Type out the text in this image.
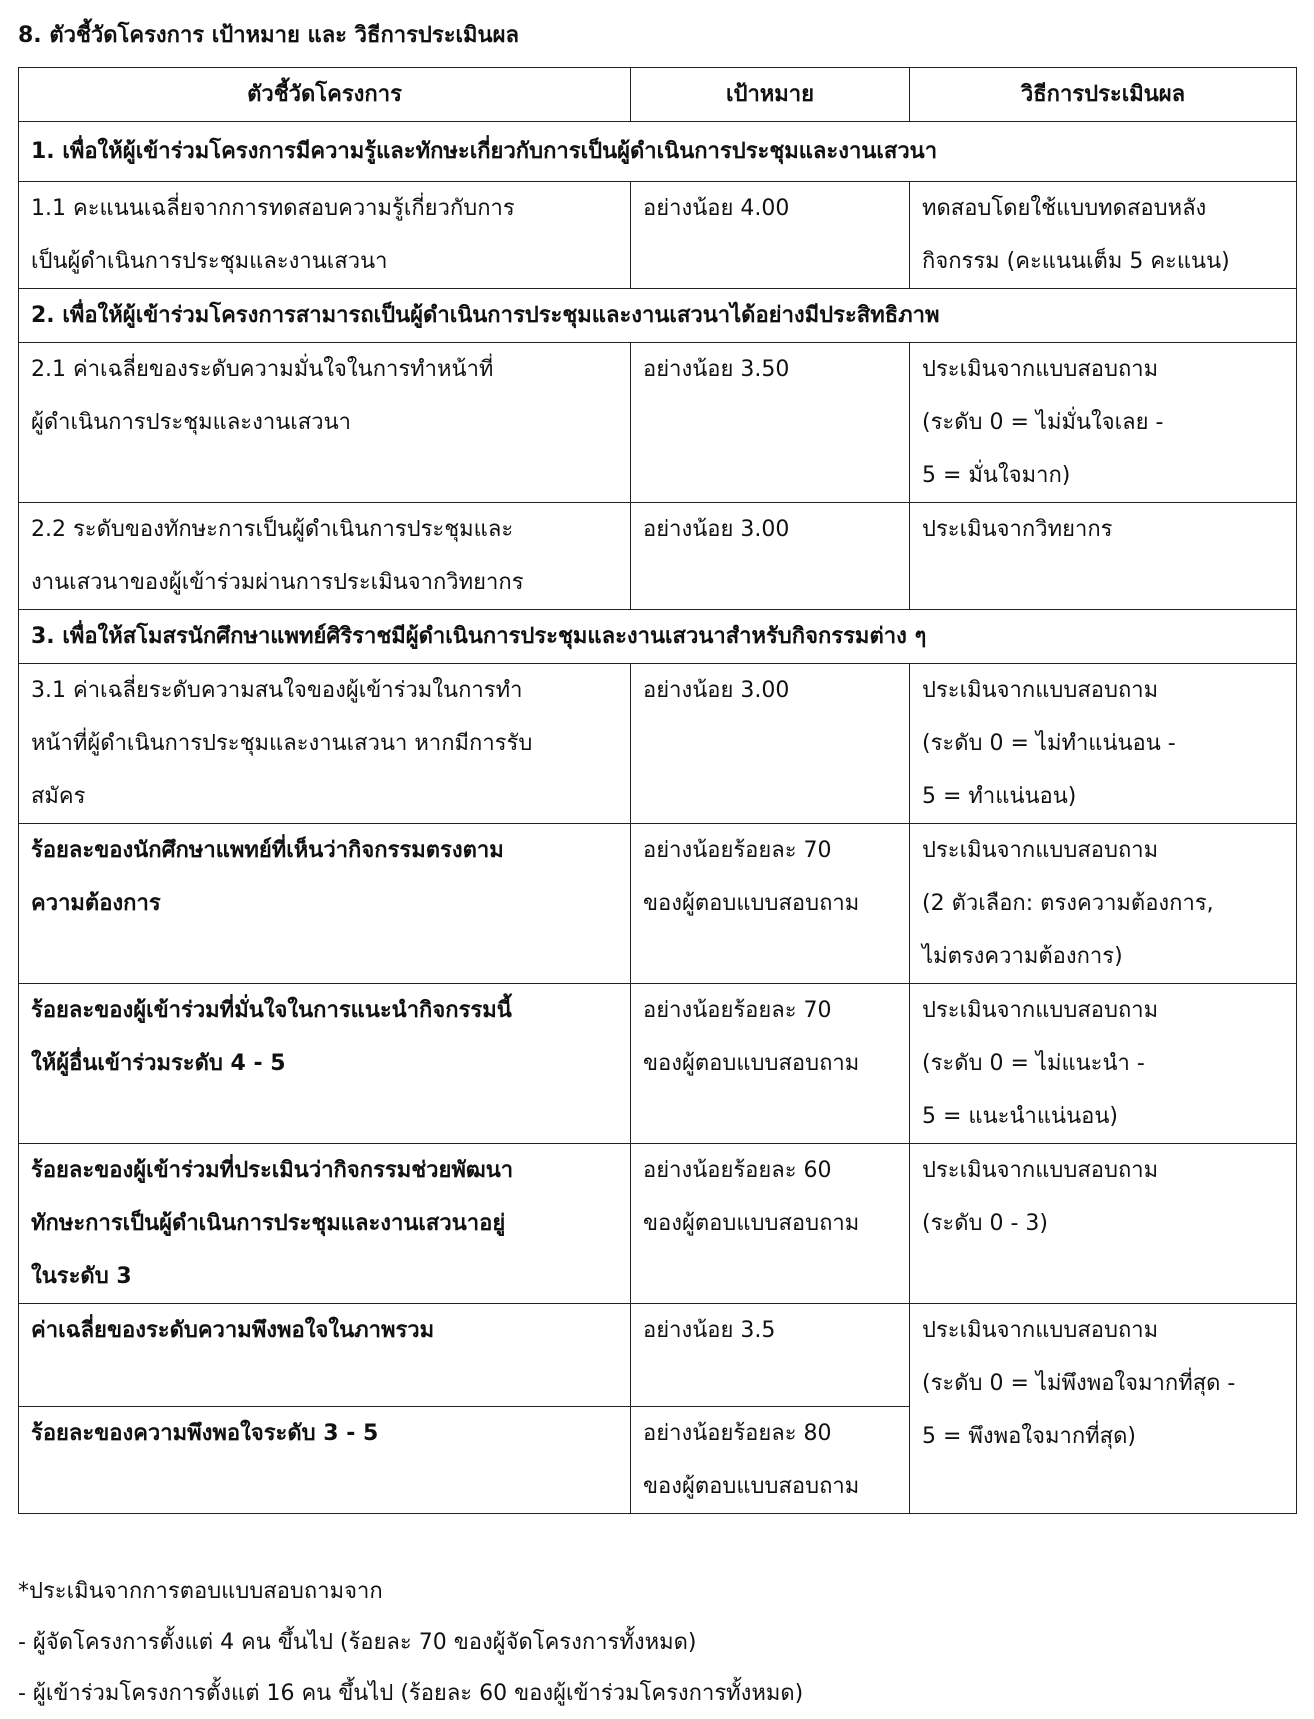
8. ตัวชี้วัดโครงการ เป้าหมาย และ วิธีการประเมินผล
ตัวชี้วัดโครงการ	เป้าหมาย	วิธีการประเมินผล
1. เพื่อให้ผู้เข้าร่วมโครงการมีความรู้และทักษะเกี่ยวกับการเป็นผู้ดำเนินการประชุมและงานเสวนา		

1.1 คะแนนเฉลี่ยจากการทดสอบความรู้เกี่ยวกับการ
เป็นผู้ดำเนินการประชุมและงานเสวนา	อย่างน้อย 4.00	ทดสอบโดยใช้แบบทดสอบหลัง
กิจกรรม (คะแนนเต็ม 5 คะแนน)

2. เพื่อให้ผู้เข้าร่วมโครงการสามารถเป็นผู้ดำเนินการประชุมและงานเสวนาได้อย่างมีประสิทธิภาพ		

2.1 ค่าเฉลี่ยของระดับความมั่นใจในการทำหน้าที่
ผู้ดำเนินการประชุมและงานเสวนา	อย่างน้อย 3.50	ประเมินจากแบบสอบถาม
(ระดับ 0 = ไม่มั่นใจเลย -
5 = มั่นใจมาก)

2.2 ระดับของทักษะการเป็นผู้ดำเนินการประชุมและ
งานเสวนาของผู้เข้าร่วมผ่านการประเมินจากวิทยากร	อย่างน้อย 3.00	ประเมินจากวิทยากร

3. เพื่อให้สโมสรนักศึกษาแพทย์ศิริราชมีผู้ดำเนินการประชุมและงานเสวนาสำหรับกิจกรรมต่าง ๆ		

3.1 ค่าเฉลี่ยระดับความสนใจของผู้เข้าร่วมในการทำ
หน้าที่ผู้ดำเนินการประชุมและงานเสวนา หากมีการรับ
สมัคร	อย่างน้อย 3.00	ประเมินจากแบบสอบถาม
(ระดับ 0 = ไม่ทำแน่นอน -
5 = ทำแน่นอน)

ร้อยละของนักศึกษาแพทย์ที่เห็นว่ากิจกรรมตรงตาม
ความต้องการ	อย่างน้อยร้อยละ 70
ของผู้ตอบแบบสอบถาม	ประเมินจากแบบสอบถาม
(2 ตัวเลือก: ตรงความต้องการ,
ไม่ตรงความต้องการ)

ร้อยละของผู้เข้าร่วมที่มั่นใจในการแนะนำกิจกรรมนี้
ให้ผู้อื่นเข้าร่วมระดับ 4 - 5	อย่างน้อยร้อยละ 70
ของผู้ตอบแบบสอบถาม	ประเมินจากแบบสอบถาม
(ระดับ 0 = ไม่แนะนำ -
5 = แนะนำแน่นอน)

ร้อยละของผู้เข้าร่วมที่ประเมินว่ากิจกรรมช่วยพัฒนา
ทักษะการเป็นผู้ดำเนินการประชุมและงานเสวนาอยู่
ในระดับ 3	อย่างน้อยร้อยละ 60
ของผู้ตอบแบบสอบถาม	ประเมินจากแบบสอบถาม
(ระดับ 0 - 3)

ค่าเฉลี่ยของระดับความพึงพอใจในภาพรวม	อย่างน้อย 3.5	ประเมินจากแบบสอบถาม
(ระดับ 0 = ไม่พึงพอใจมากที่สุด -
5 = พึงพอใจมากที่สุด)

ร้อยละของความพึงพอใจระดับ 3 - 5	อย่างน้อยร้อยละ 80
ของผู้ตอบแบบสอบถาม	
*ประเมินจากการตอบแบบสอบถามจาก
- ผู้จัดโครงการตั้งแต่ 4 คน ขึ้นไป (ร้อยละ 70 ของผู้จัดโครงการทั้งหมด)
- ผู้เข้าร่วมโครงการตั้งแต่ 16 คน ขึ้นไป (ร้อยละ 60 ของผู้เข้าร่วมโครงการทั้งหมด)
